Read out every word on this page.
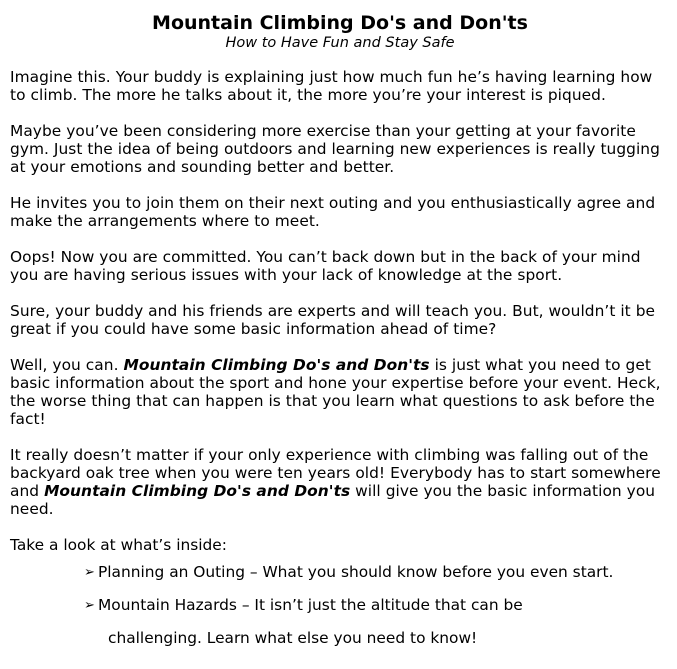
Mountain Climbing Do's and Don'ts

How to Have Fun and Stay Safe

Imagine this. Your buddy is explaining just how much fun he’s having learning how to climb. The more he talks about it, the more you’re your interest is piqued.

Maybe you’ve been considering more exercise than your getting at your favorite gym. Just the idea of being outdoors and learning new experiences is really tugging at your emotions and sounding better and better.

He invites you to join them on their next outing and you enthusiastically agree and make the arrangements where to meet.

Oops! Now you are committed. You can’t back down but in the back of your mind you are having serious issues with your lack of knowledge at the sport.

Sure, your buddy and his friends are experts and will teach you. But, wouldn’t it be great if you could have some basic information ahead of time?

Well, you can. Mountain Climbing Do's and Don'ts is just what you need to get basic information about the sport and hone your expertise before your event. Heck, the worse thing that can happen is that you learn what questions to ask before the fact!

It really doesn’t matter if your only experience with climbing was falling out of the backyard oak tree when you were ten years old! Everybody has to start somewhere and Mountain Climbing Do's and Don'ts will give you the basic information you need.

Take a look at what’s inside:

➢ Planning an Outing – What you should know before you even start.
➢ Mountain Hazards – It isn’t just the altitude that can be
challenging. Learn what else you need to know!
